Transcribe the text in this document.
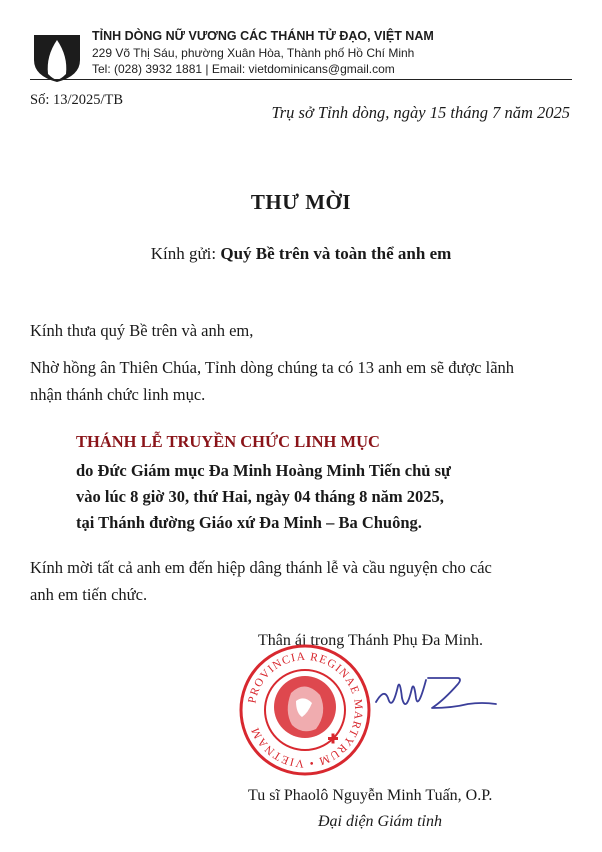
TỈNH DÒNG NỮ VƯƠNG CÁC THÁNH TỬ ĐẠO, VIỆT NAM
229 Võ Thị Sáu, phường Xuân Hòa, Thành phố Hồ Chí Minh
Tel: (028) 3932 1881 | Email: vietdominicans@gmail.com
Số: 13/2025/TB
Trụ sở Tỉnh dòng, ngày 15 tháng 7 năm 2025
THƯ MỜI
Kính gửi: Quý Bề trên và toàn thể anh em
Kính thưa quý Bề trên và anh em,
Nhờ hồng ân Thiên Chúa, Tỉnh dòng chúng ta có 13 anh em sẽ được lãnh
nhận thánh chức linh mục.
THÁNH LỄ TRUYỀN CHỨC LINH MỤC
do Đức Giám mục Đa Minh Hoàng Minh Tiến chủ sự
vào lúc 8 giờ 30, thứ Hai, ngày 04 tháng 8 năm 2025,
tại Thánh đường Giáo xứ Đa Minh – Ba Chuông.
Kính mời tất cả anh em đến hiệp dâng thánh lễ và cầu nguyện cho các
anh em tiến chức.
Thân ái trong Thánh Phụ Đa Minh.
PROVINCIA REGINAE MARTYRUM • VIETNAM
Tu sĩ Phaolô Nguyễn Minh Tuấn, O.P.
Đại diện Giám tỉnh
